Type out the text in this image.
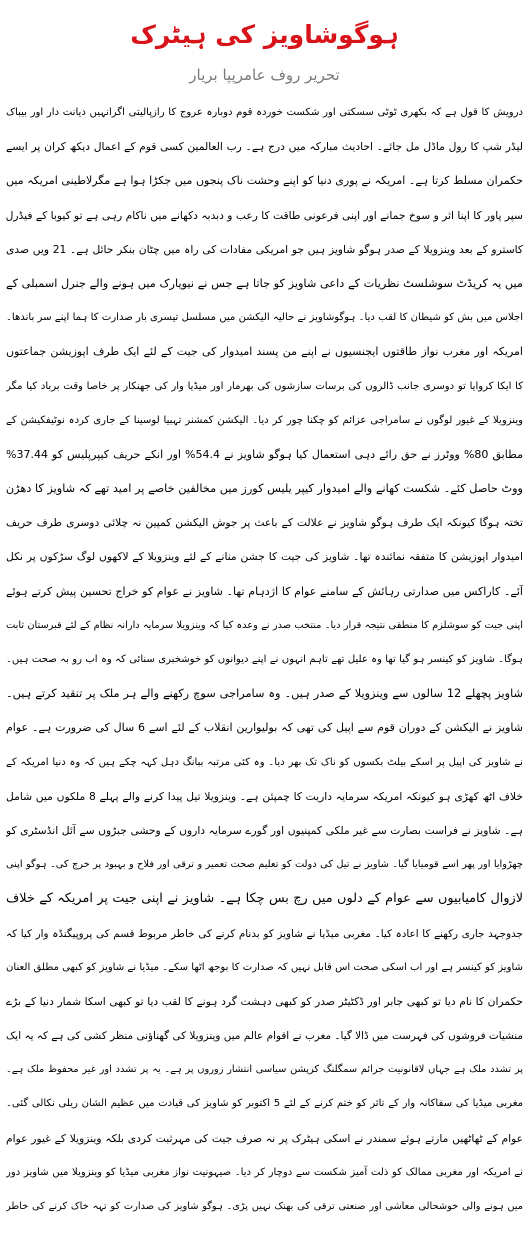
ہوگوشاویز کی ہیٹرک
تحریر روف عامرپپا بریار
درویش کا قول ہے کہ بکھری ٹوٹی سسکتی اور شکست خوردہ قوم دوبارہ عروج کا رازپالیتی اگرانہیں دیانت دار اور بیباک
لیڈر شپ کا رول ماڈل مل جائے۔ احادیث مبارکہ میں درج ہے۔ رب العالمین کسی قوم کے اعمال دیکھ کران پر ایسے
حکمران مسلط کرتا ہے۔ امریکہ نے پوری دنیا کو اپنے وحشت ناک پنجوں میں جکڑا ہوا ہے مگرلاطینی امریکہ میں
سپر پاور کا اپنا اثر و سوخ جمانے اور اپنی فرعونی طاقت کا رعب و دبدبہ دکھانے میں ناکام رہی ہے تو کیوبا کے فیڈرل
کاسترو کے بعد وینزویلا کے صدر ہوگو شاویز ہیں جو امریکی مفادات کی راہ میں چٹان بنکر حائل ہے۔ 21 ویں صدی
میں یہ کریڈٹ سوشلسٹ نظریات کے داعی شاویز کو جاتا ہے جس نے نیویارک میں ہونے والے جنرل اسمبلی کے
اجلاس میں بش کو شیطان کا لقب دیا۔ ہوگوشاویز نے حالیہ الیکشن میں مسلسل تیسری بار صدارت کا ہما اپنے سر باندھا۔
امریکہ اور مغرب نواز طاقتوں ایجنسیوں نے اپنے من پسند امیدوار کی جیت کے لئے ایک طرف اپوزیشن جماعتوں
کا ایکا کروایا تو دوسری جانب ڈالروں کی برسات سازشوں کی بھرمار اور میڈیا وار کی جھنکار پر خاصا وقت برباد کیا مگر
وینزویلا کے غیور لوگوں نے سامراجی عزائم کو چکنا چور کر دیا۔ الیکشن کمشنر تہبیا لوسینا کے جاری کردہ نوٹیفکیشن کے
مطابق 80% ووٹرز نے حق رائے دہی استعمال کیا ہوگو شاویز نے 54.4% اور انکے حریف کیپرپلیس کو 37.44%
ووٹ حاصل کئے۔ شکست کھانے والے امیدوار کیپر یلیس کورز میں مخالفین خاصے پر امید تھے کہ شاویز کا دھڑن
تختہ ہوگا کیونکہ ایک طرف ہوگو شاویز نے علالت کے باعث پر جوش الیکشن کمپین نہ چلائی دوسری طرف حریف
امیدوار اپوزیشن کا متفقہ نمائندہ تھا۔ شاویز کی جیت کا جشن منانے کے لئے وینزویلا کے لاکھوں لوگ سڑکوں پر نکل
آئے۔ کاراکس میں صدارتی رہائش کے سامنے عوام کا اژدہام تھا۔ شاویز نے عوام کو خراج تحسین پیش کرتے ہوئے
اپنی جیت کو سوشلزم کا منطقی نتیجہ قرار دیا۔ منتخب صدر نے وعدہ کیا کہ وینزویلا سرمایہ دارانہ نظام کے لئے قبرستان ثابت
ہوگا۔ شاویز کو کینسر ہو گیا تھا وہ علیل تھے تاہم انہوں نے اپنے دیوانوں کو خوشخبری سنائی کہ وہ اب رو بہ صحت ہیں۔
شاویز پچھلے 12 سالوں سے وینزویلا کے صدر ہیں۔ وہ سامراجی سوچ رکھنے والے ہر ملک پر تنقید کرتے ہیں۔
شاویز نے الیکشن کے دوران قوم سے اپیل کی تھی کہ بولیوارین انقلاب کے لئے اسے 6 سال کی ضرورت ہے۔ عوام
نے شاویز کی اپیل پر اسکے بیلٹ بکسوں کو ناک تک بھر دیا۔ وہ کئی مرتبہ ببانگ دہل کہہ چکے ہیں کہ وہ دنیا امریکہ کے
خلاف اٹھ کھڑی ہو کیونکہ امریکہ سرمایہ داریت کا چمپئن ہے۔ وینزویلا تیل پیدا کرنے والے پہلے 8 ملکوں میں شامل
ہے۔ شاویز نے فراست بصارت سے غیر ملکی کمپنیوں اور گورے سرمایہ داروں کے وحشی جبڑوں سے آئل انڈسٹری کو
چھڑوایا اور پھر اسے قومیایا گیا۔ شاویز نے تیل کی دولت کو تعلیم صحت تعمیر و ترقی اور فلاح و بہبود پر خرچ کی۔ ہوگو اپنی
لازوال کامیابیوں سے عوام کے دلوں میں رچ بس چکا ہے۔ شاویز نے اپنی جیت پر امریکہ کے خلاف
جدوجہد جاری رکھنے کا اعادہ کیا۔ مغربی میڈیا نے شاویز کو بدنام کرنے کی خاطر مربوط قسم کی پروپیگنڈہ وار کیا کہ
شاویز کو کینسر ہے اور اب اسکی صحت اس قابل نہیں کہ صدارت کا بوجھ اٹھا سکے۔ میڈیا نے شاویز کو کبھی مطلق العنان
حکمران کا نام دیا تو کبھی جابر اور ڈکٹیٹر صدر کو کبھی دہشت گرد ہونے کا لقب دیا تو کبھی اسکا شمار دنیا کے بڑے
منشیات فروشوں کی فہرست میں ڈالا گیا۔ مغرب نے اقوام عالم میں وینزویلا کی گھناؤنی منظر کشی کی ہے کہ یہ ایک
پر تشدد ملک ہے جہاں لاقانونیت جرائم سمگلنگ کرپشن سیاسی انتشار زوروں پر ہے۔ یہ پر تشدد اور غیر محفوظ ملک ہے۔
مغربی میڈیا کی سفاکانہ وار کے تاثر کو ختم کرنے کے لئے 5 اکتوبر کو شاویز کی قیادت میں عظیم الشان ریلی نکالی گئی۔
عوام کے ٹھاٹھیں مارتے ہوئے سمندر نے اسکی ہیٹرک پر نہ صرف جیت کی مہرثبت کردی بلکہ وینزویلا کے غیور عوام
نے امریکہ اور مغربی ممالک کو ذلت آمیز شکست سے دوچار کر دیا۔ صیہونیت نواز مغربی میڈیا کو وینزویلا میں شاویز دور
میں ہونے والی خوشحالی معاشی اور صنعتی ترقی کی بھنک نہیں پڑی۔ ہوگو شاویز کی صدارت کو تہہ خاک کرنے کی خاطر
